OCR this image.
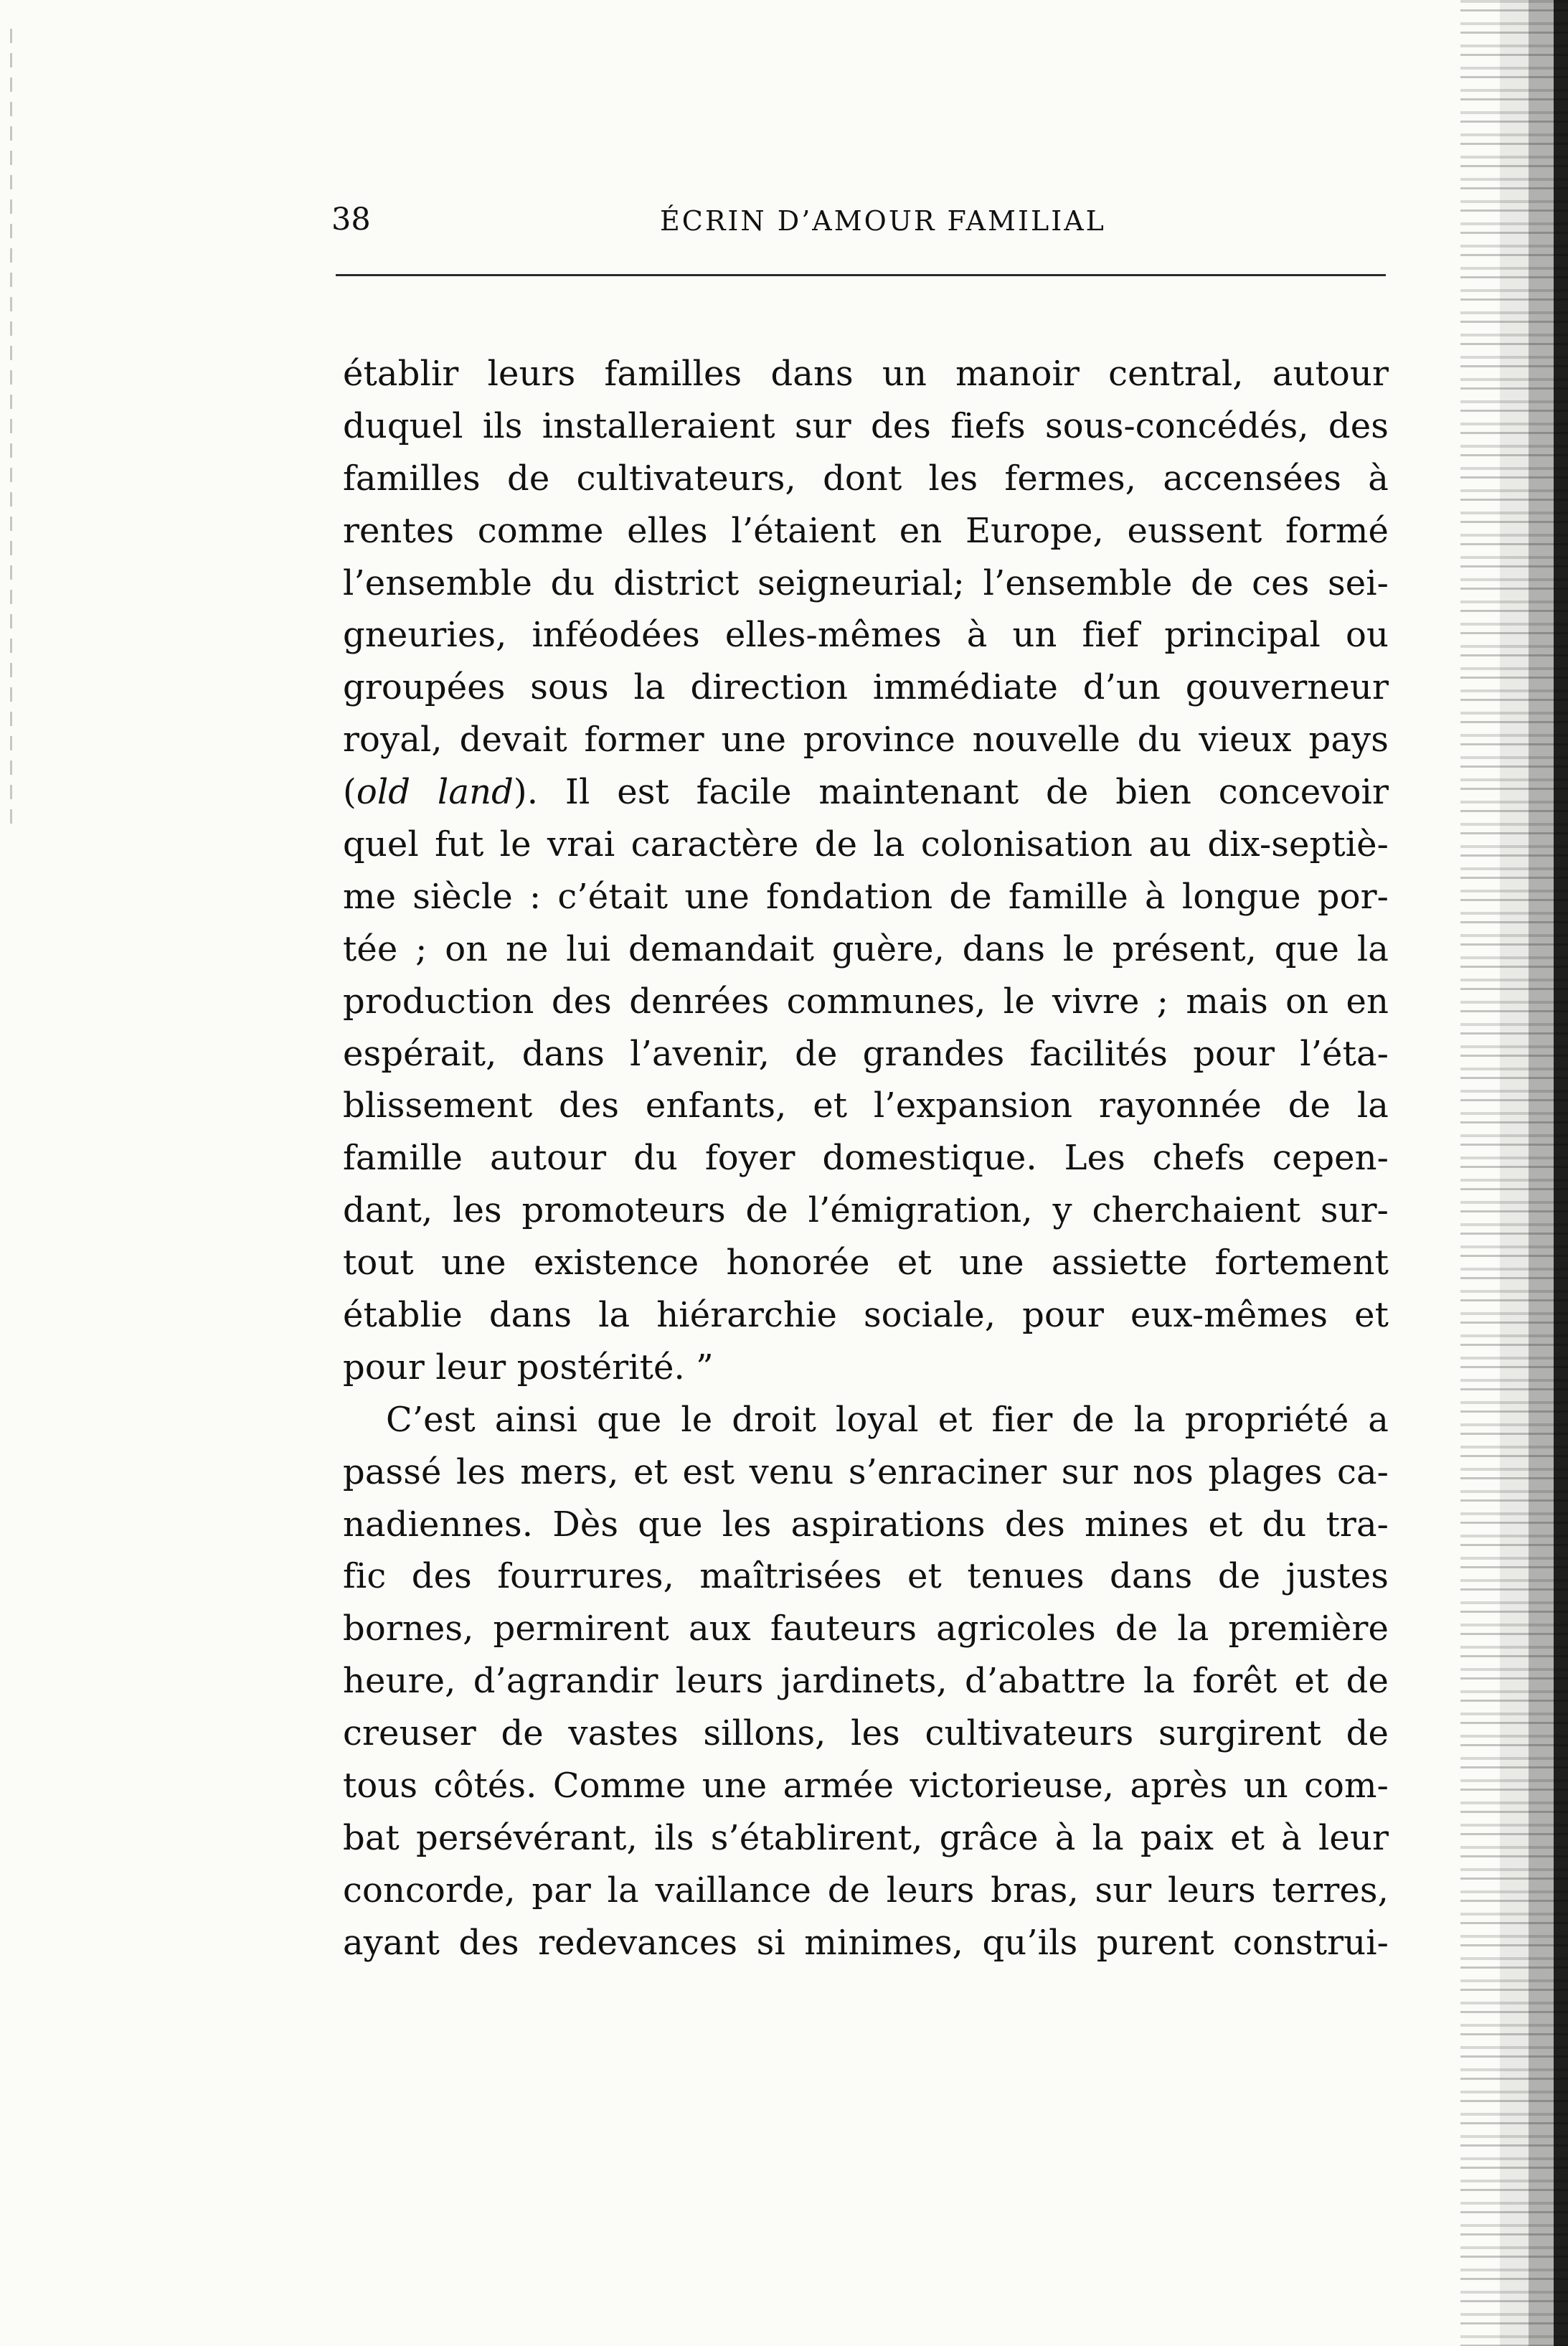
38	ÉCRIN D’AMOUR FAMILIAL
établir leurs familles dans un manoir central, autour
duquel ils installeraient sur des fiefs sous-concédés, des
familles de cultivateurs, dont les fermes, accensées à
rentes comme elles l’étaient en Europe, eussent formé
l’ensemble du district seigneurial; l’ensemble de ces sei-
gneuries, inféodées elles-mêmes à un fief principal ou
groupées sous la direction immédiate d’un gouverneur
royal, devait former une province nouvelle du vieux pays
(old land). Il est facile maintenant de bien concevoir
quel fut le vrai caractère de la colonisation au dix-septiè-
me siècle : c’était une fondation de famille à longue por-
tée ; on ne lui demandait guère, dans le présent, que la
production des denrées communes, le vivre ; mais on en
espérait, dans l’avenir, de grandes facilités pour l’éta-
blissement des enfants, et l’expansion rayonnée de la
famille autour du foyer domestique. Les chefs cepen-
dant, les promoteurs de l’émigration, y cherchaient sur-
tout une existence honorée et une assiette fortement
établie dans la hiérarchie sociale, pour eux-mêmes et
pour leur postérité. ”
C’est ainsi que le droit loyal et fier de la propriété a
passé les mers, et est venu s’enraciner sur nos plages ca-
nadiennes. Dès que les aspirations des mines et du tra-
fic des fourrures, maîtrisées et tenues dans de justes
bornes, permirent aux fauteurs agricoles de la première
heure, d’agrandir leurs jardinets, d’abattre la forêt et de
creuser de vastes sillons, les cultivateurs surgirent de
tous côtés. Comme une armée victorieuse, après un com-
bat persévérant, ils s’établirent, grâce à la paix et à leur
concorde, par la vaillance de leurs bras, sur leurs terres,
ayant des redevances si minimes, qu’ils purent construi-
